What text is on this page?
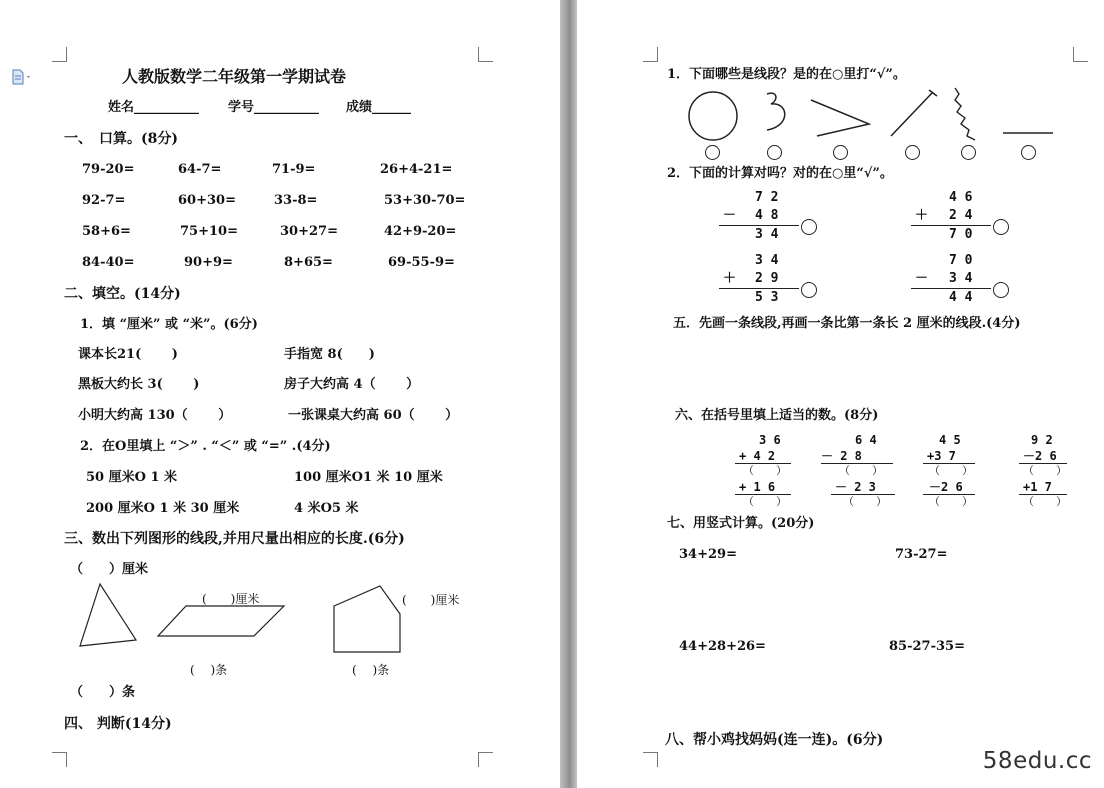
人教版数学二年级第一学期试卷
姓名__________ 学号__________ 成绩______
一、　口算。(8分)
79-20=	64-7=	71-9=	26+4-21=
92-7=	60+30=	33-8=	53+30-70=
58+6=	75+10=	30+27=	42+9-20=
84-40=	90+9=	8+65=	69-55-9=
二、填空。(14分)
1．填 “厘米” 或 “米”。(6分)
课本长21(　　 )	手指宽 8(　　)
黑板大约长 3(　　 )	房子大约高 4（　　 ）
小明大约高 130（　　 ）	一张课桌大约高 60（　　 ）
2．在O里填上 “＞” . “＜” 或 “=” .(4分)
50 厘米O 1 米	100 厘米O1 米 10 厘米
200 厘米O 1 米 30 厘米	4 米O5 米
三、数出下列图形的线段,并用尺量出相应的长度.(6分)
（　　）厘米
(　　)厘米
(　 )条
(　　)厘米
(　 )条
（　　）条
四、 判断(14分)
1．下面哪些是线段？是的在○里打“√”。
2．下面的计算对吗？对的在○里“√”。
7 2
－ 4 8
3 4
4 6
＋ 2 4
7 0
3 4
＋ 2 9
5 3
7 0
－ 3 4
4 4
五．先画一条线段,再画一条比第一条长 2 厘米的线段.(4分)
六、在括号里填上适当的数。(8分)
3 6
+ 4 2
（　　）
+ 1 6
（　　）
6 4
－ 2 8
（　　）
－ 2 3
（　　）
4 5
+3 7
（　　）
－2 6
（　　）
9 2
－2 6
（　　）
+1 7
（　　）
七、用竖式计算。(20分)
34+29=	73-27=
44+28+26=	85-27-35=
八、帮小鸡找妈妈(连一连)。(6分)
58edu.cc
